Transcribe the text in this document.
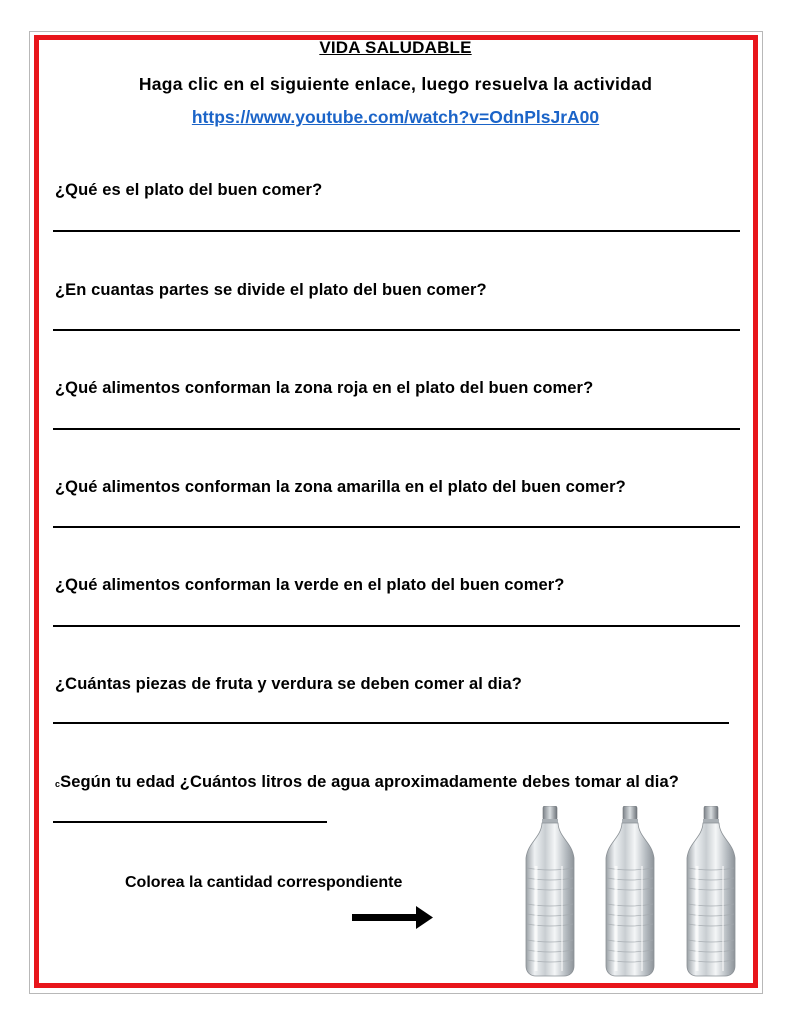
VIDA SALUDABLE
Haga clic en el siguiente enlace, luego resuelva la actividad
https://www.youtube.com/watch?v=OdnPlsJrA00
¿Qué es el plato del buen comer?
¿En cuantas partes se divide el plato del buen comer?
¿Qué alimentos conforman la zona roja en el plato del buen comer?
¿Qué alimentos conforman la zona amarilla en el plato del buen comer?
¿Qué alimentos conforman la verde en el plato del buen comer?
¿Cuántas piezas de fruta y verdura se deben comer al dia?
cSegún tu edad ¿Cuántos litros de agua aproximadamente debes tomar al dia?
Colorea la cantidad correspondiente
